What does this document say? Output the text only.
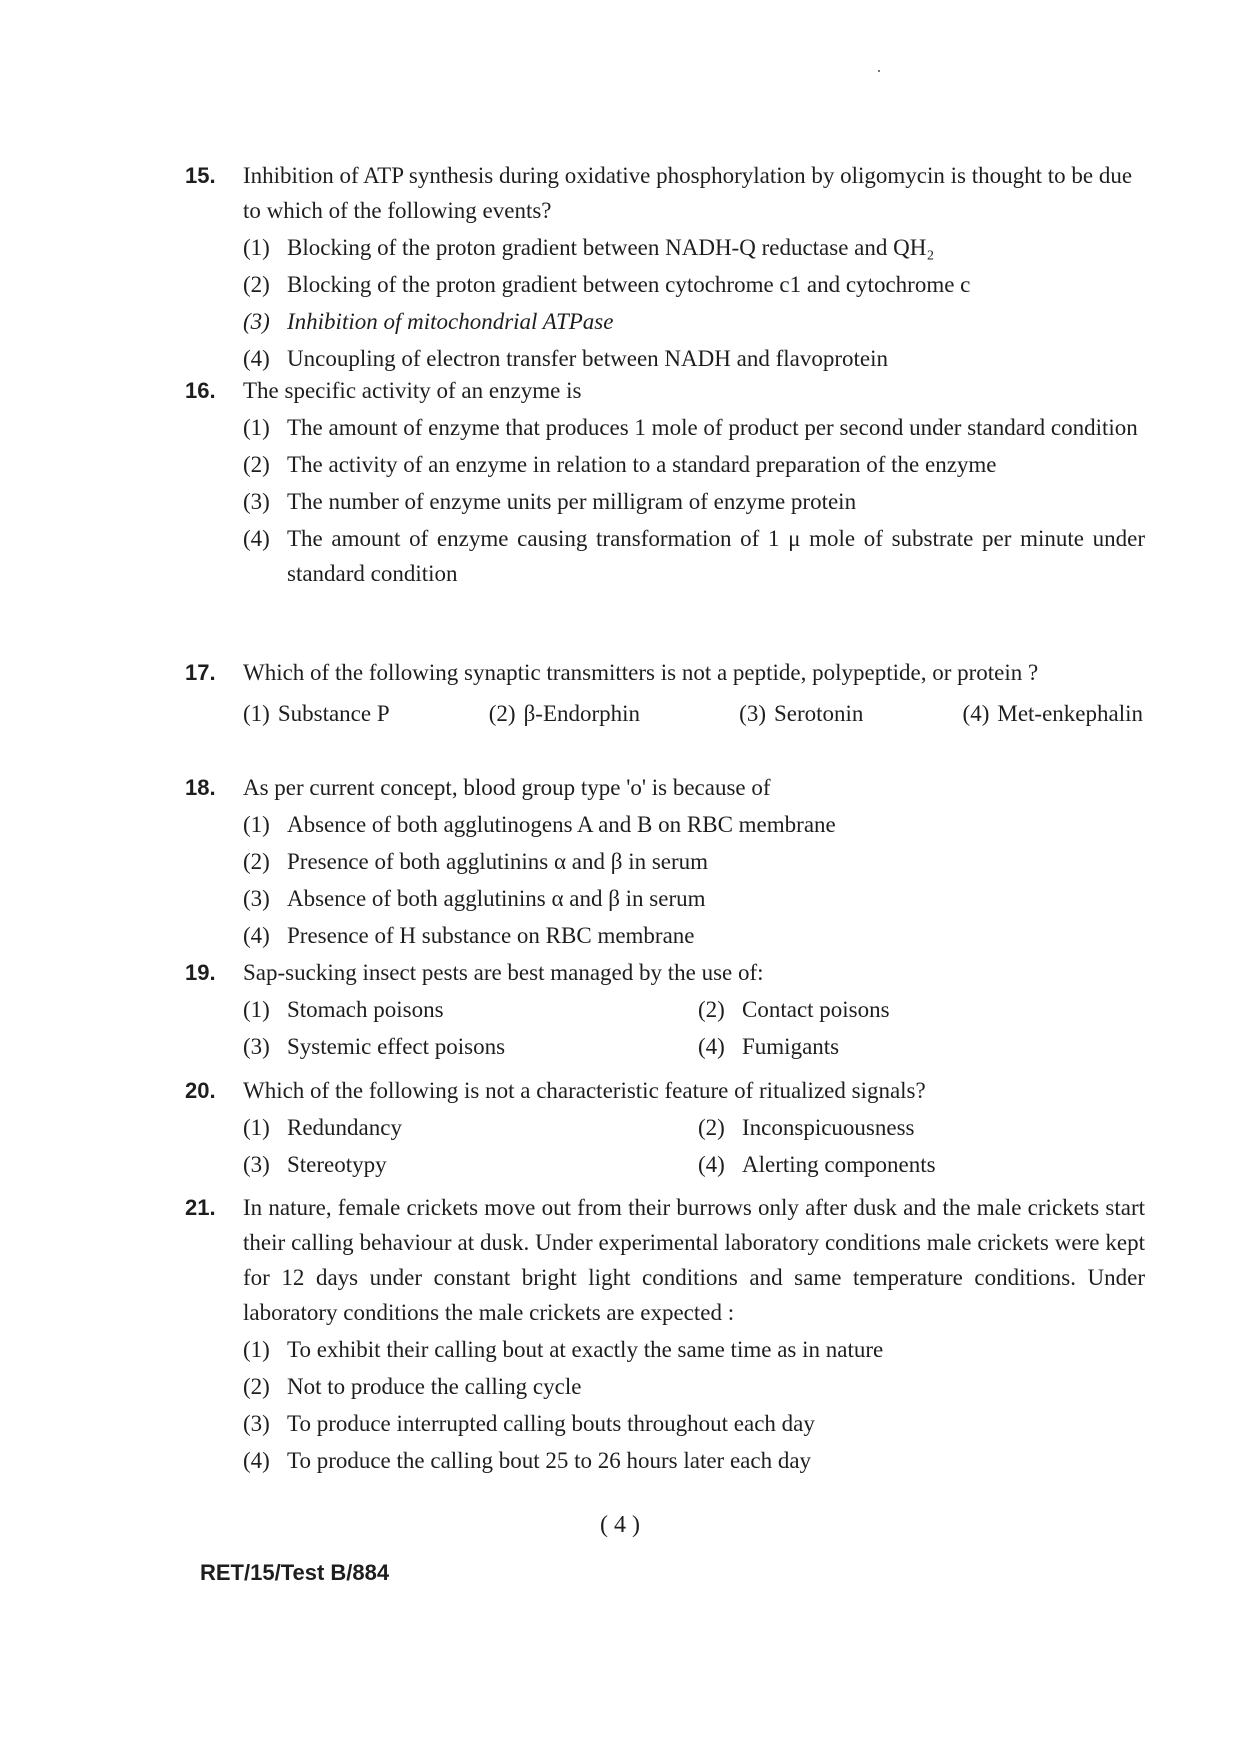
15.	Inhibition of ATP synthesis during oxidative phosphorylation by oligomycin is thought to be due to which of the following events?
(1) Blocking of the proton gradient between NADH-Q reductase and QH₂
(2) Blocking of the proton gradient between cytochrome c1 and cytochrome c
(3) Inhibition of mitochondrial ATPase
(4) Uncoupling of electron transfer between NADH and flavoprotein
16.	The specific activity of an enzyme is
(1) The amount of enzyme that produces 1 mole of product per second under standard condition
(2) The activity of an enzyme in relation to a standard preparation of the enzyme
(3) The number of enzyme units per milligram of enzyme protein
(4) The amount of enzyme causing transformation of 1 μ mole of substrate per minute under standard condition
17.	Which of the following synaptic transmitters is not a peptide, polypeptide, or protein ?
(1) Substance P	(2) β-Endorphin	(3) Serotonin	(4) Met-enkephalin
18.	As per current concept, blood group type 'o' is because of
(1) Absence of both agglutinogens A and B on RBC membrane
(2) Presence of both agglutinins α and β in serum
(3) Absence of both agglutinins α and β in serum
(4) Presence of H substance on RBC membrane
19.	Sap-sucking insect pests are best managed by the use of:
(1) Stomach poisons	(2) Contact poisons
(3) Systemic effect poisons	(4) Fumigants
20.	Which of the following is not a characteristic feature of ritualized signals?
(1) Redundancy	(2) Inconspicuousness
(3) Stereotypy	(4) Alerting components
21.	In nature, female crickets move out from their burrows only after dusk and the male crickets start their calling behaviour at dusk. Under experimental laboratory conditions male crickets were kept for 12 days under constant bright light conditions and same temperature conditions. Under laboratory conditions the male crickets are expected :
(1) To exhibit their calling bout at exactly the same time as in nature
(2) Not to produce the calling cycle
(3) To produce interrupted calling bouts throughout each day
(4) To produce the calling bout 25 to 26 hours later each day
( 4 )
RET/15/Test B/884
